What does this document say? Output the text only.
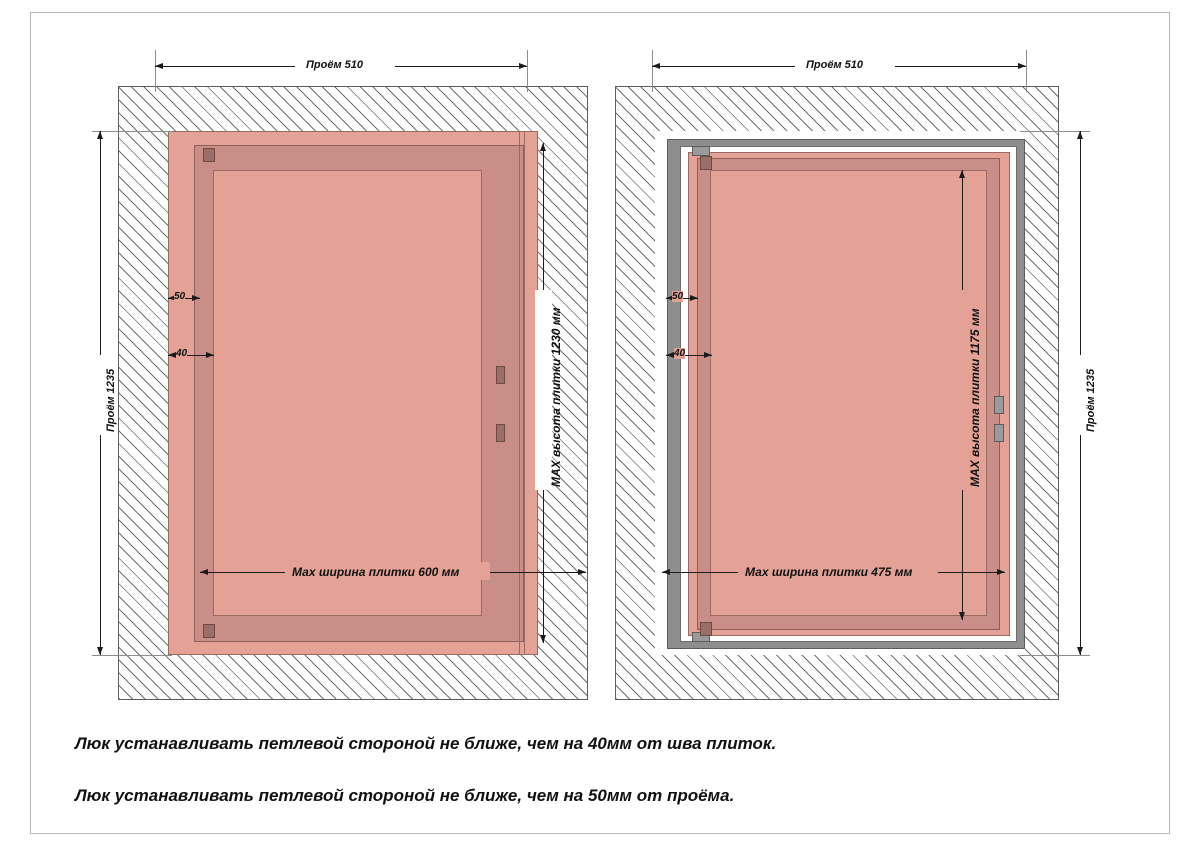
Проём 510
Проём 1235
50
40	MAX высота плитки 1230 мм
Мах ширина плитки 600 мм
Проём 510
Проём 1235
50
40	MAX высота плитки 1175 мм
Мах ширина плитки 475 мм
Люк устанавливать петлевой стороной не ближе, чем на 40мм от шва плиток.
Люк устанавливать петлевой стороной не ближе, чем на 50мм от проёма.
